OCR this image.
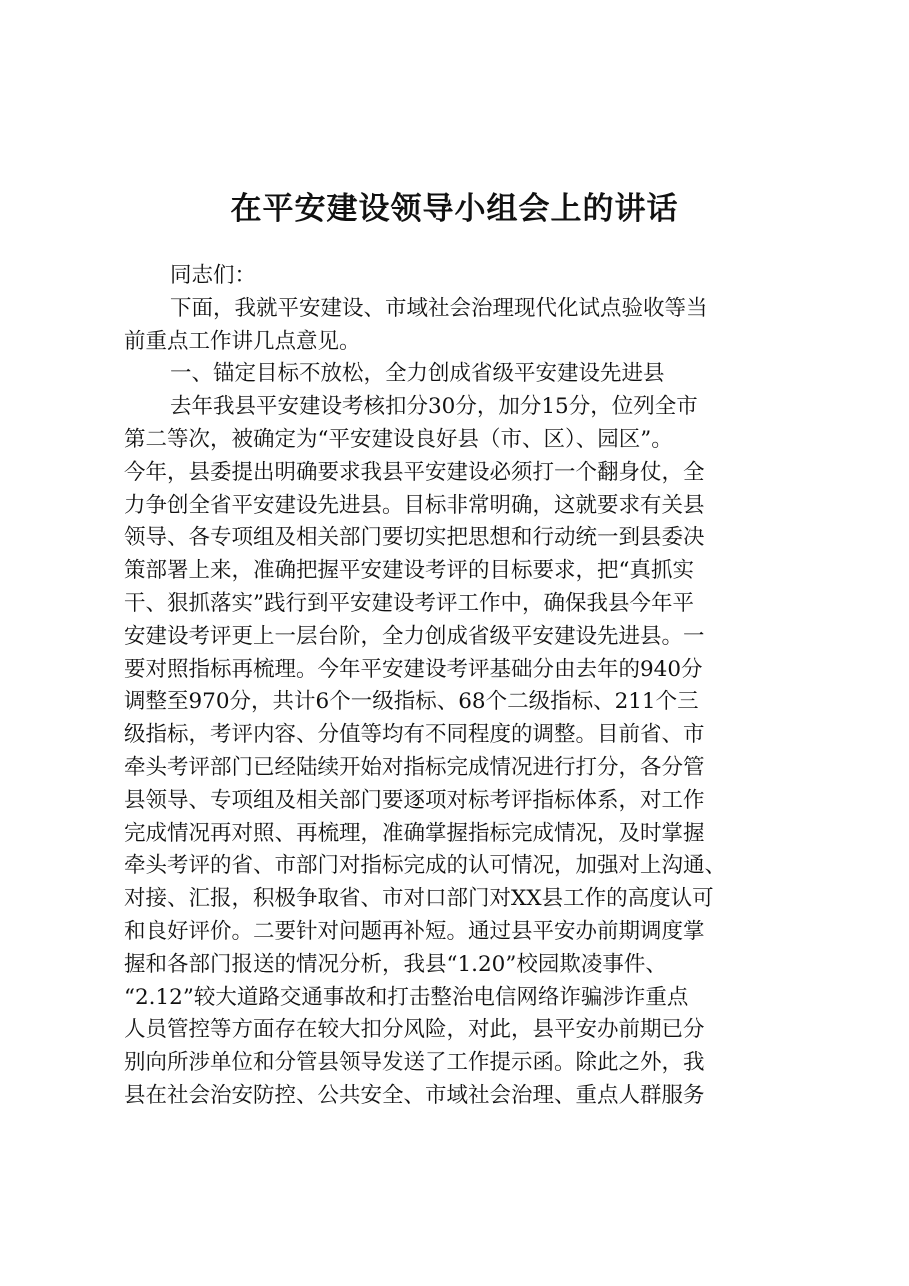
在平安建设领导小组会上的讲话
同志们：
下面，我就平安建设、市域社会治理现代化试点验收等当
前重点工作讲几点意见。
一、锚定目标不放松，全力创成省级平安建设先进县
去年我县平安建设考核扣分30分，加分15分，位列全市
第二等次，被确定为“平安建设良好县（市、区）、园区”。
今年，县委提出明确要求我县平安建设必须打一个翻身仗，全
力争创全省平安建设先进县。目标非常明确，这就要求有关县
领导、各专项组及相关部门要切实把思想和行动统一到县委决
策部署上来，准确把握平安建设考评的目标要求，把“真抓实
干、狠抓落实”践行到平安建设考评工作中，确保我县今年平
安建设考评更上一层台阶，全力创成省级平安建设先进县。一
要对照指标再梳理。今年平安建设考评基础分由去年的940分
调整至970分，共计6个一级指标、68个二级指标、211个三
级指标，考评内容、分值等均有不同程度的调整。目前省、市
牵头考评部门已经陆续开始对指标完成情况进行打分，各分管
县领导、专项组及相关部门要逐项对标考评指标体系，对工作
完成情况再对照、再梳理，准确掌握指标完成情况，及时掌握
牵头考评的省、市部门对指标完成的认可情况，加强对上沟通、
对接、汇报，积极争取省、市对口部门对XX县工作的高度认可
和良好评价。二要针对问题再补短。通过县平安办前期调度掌
握和各部门报送的情况分析，我县“1.20”校园欺凌事件、
“2.12”较大道路交通事故和打击整治电信网络诈骗涉诈重点
人员管控等方面存在较大扣分风险，对此，县平安办前期已分
别向所涉单位和分管县领导发送了工作提示函。除此之外，我
县在社会治安防控、公共安全、市域社会治理、重点人群服务
